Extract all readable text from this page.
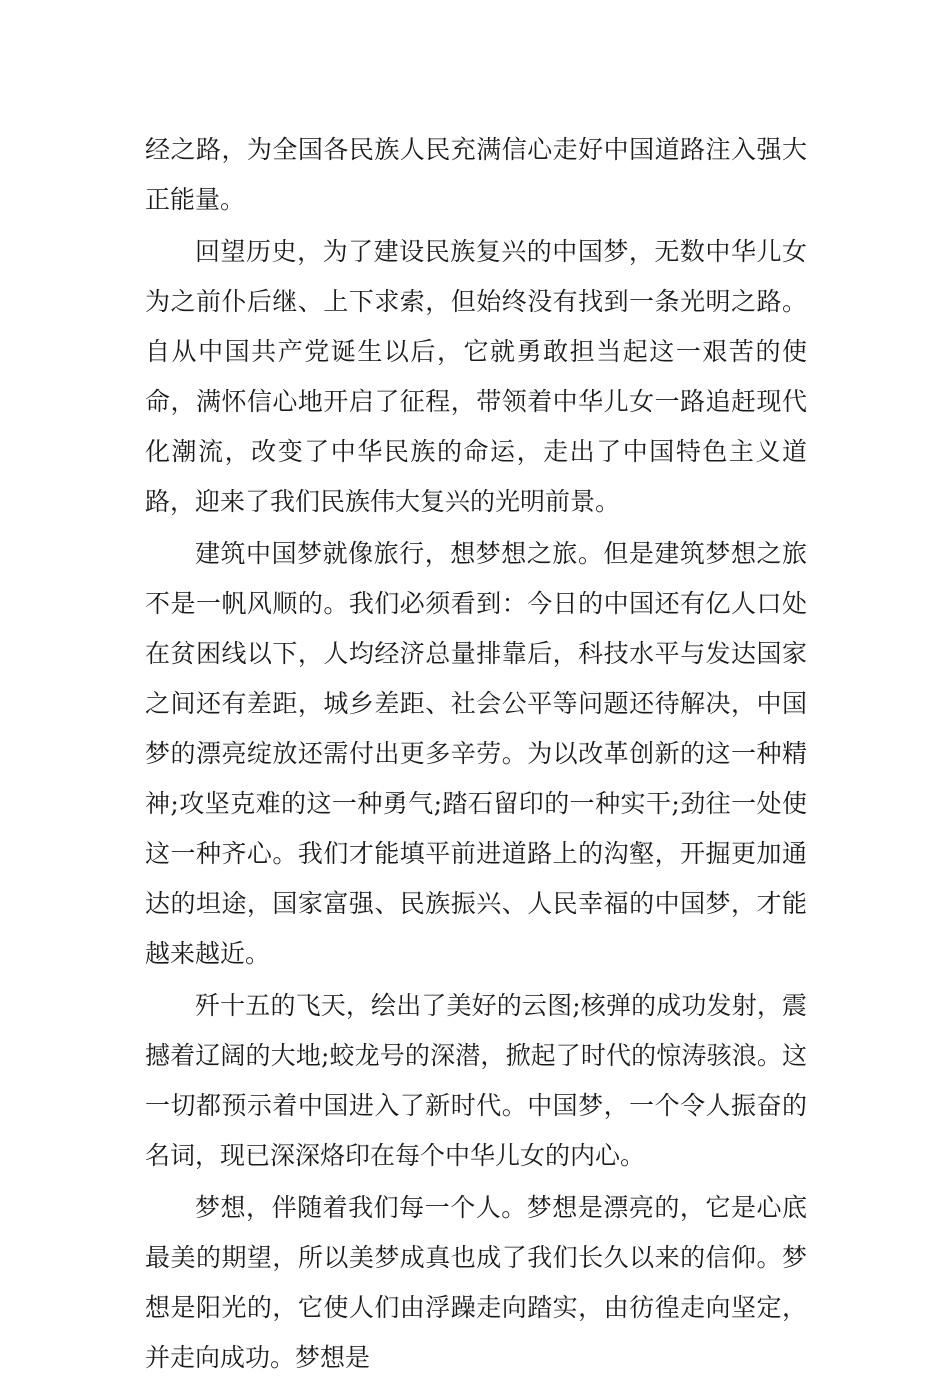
经之路，为全国各民族人民充满信心走好中国道路注入强大正能量。

回望历史，为了建设民族复兴的中国梦，无数中华儿女为之前仆后继、上下求索，但始终没有找到一条光明之路。自从中国共产党诞生以后，它就勇敢担当起这一艰苦的使命，满怀信心地开启了征程，带领着中华儿女一路追赶现代化潮流，改变了中华民族的命运，走出了中国特色主义道路，迎来了我们民族伟大复兴的光明前景。

建筑中国梦就像旅行，想梦想之旅。但是建筑梦想之旅不是一帆风顺的。我们必须看到：今日的中国还有亿人口处在贫困线以下，人均经济总量排靠后，科技水平与发达国家之间还有差距，城乡差距、社会公平等问题还待解决，中国梦的漂亮绽放还需付出更多辛劳。为以改革创新的这一种精神;攻坚克难的这一种勇气;踏石留印的一种实干;劲往一处使这一种齐心。我们才能填平前进道路上的沟壑，开掘更加通达的坦途，国家富强、民族振兴、人民幸福的中国梦，才能越来越近。

歼十五的飞天，绘出了美好的云图;核弹的成功发射，震撼着辽阔的大地;蛟龙号的深潜，掀起了时代的惊涛骇浪。这一切都预示着中国进入了新时代。中国梦，一个令人振奋的名词，现已深深烙印在每个中华儿女的内心。

梦想，伴随着我们每一个人。梦想是漂亮的，它是心底最美的期望，所以美梦成真也成了我们长久以来的信仰。梦想是阳光的，它使人们由浮躁走向踏实，由彷徨走向坚定，并走向成功。梦想是
